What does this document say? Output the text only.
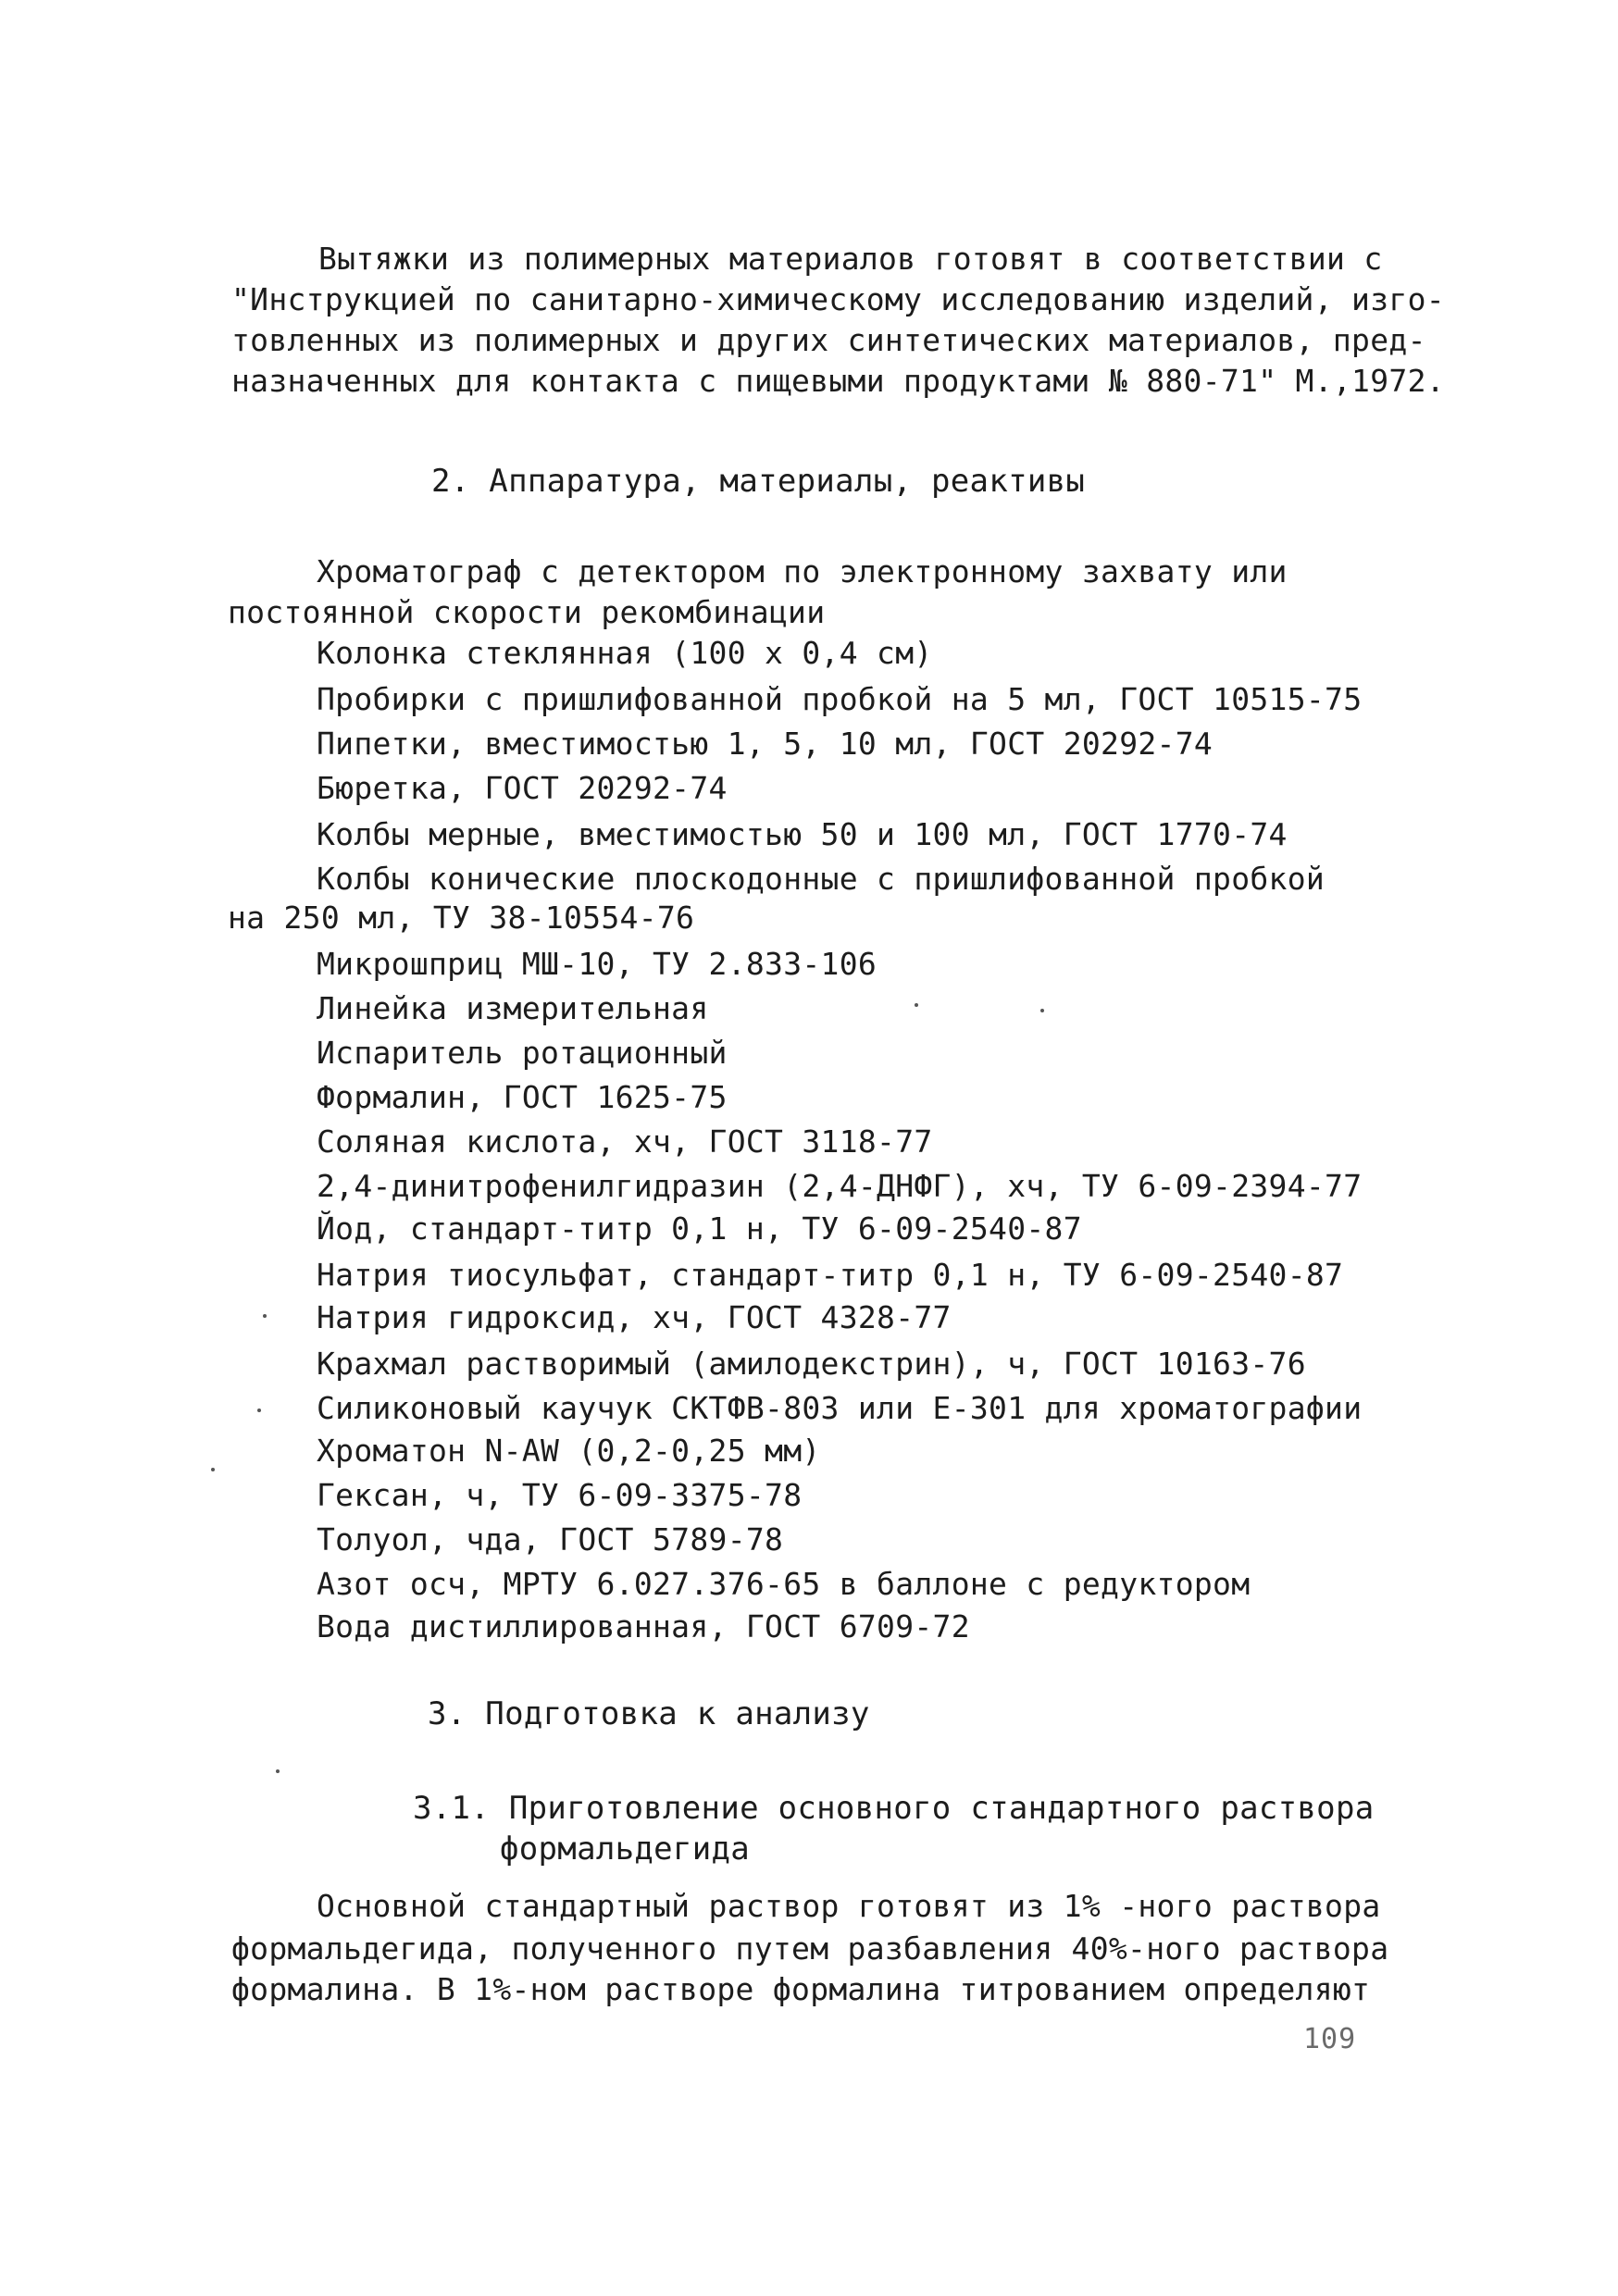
Вытяжки из полимерных материалов готовят в соответствии с
"Инструкцией по санитарно-химическому исследованию изделий, изго-
товленных из полимерных и других синтетических материалов, пред-
назначенных для контакта с пищевыми продуктами № 880-71" М.,1972.
2. Аппаратура, материалы, реактивы
Хроматограф с детектором по электронному захвату или
постоянной скорости рекомбинации
Колонка стеклянная (100 х 0,4 см)
Пробирки с пришлифованной пробкой на 5 мл, ГОСТ 10515-75
Пипетки, вместимостью 1, 5, 10 мл, ГОСТ 20292-74
Бюретка, ГОСТ 20292-74
Колбы мерные, вместимостью 50 и 100 мл, ГОСТ 1770-74
Колбы конические плоскодонные с пришлифованной пробкой
на 250 мл, ТУ 38-10554-76
Микрошприц МШ-10, ТУ 2.833-106
Линейка измерительная
Испаритель ротационный
Формалин, ГОСТ 1625-75
Соляная кислота, хч, ГОСТ 3118-77
2,4-динитрофенилгидразин (2,4-ДНФГ), хч, ТУ 6-09-2394-77
Йод, стандарт-титр 0,1 н, ТУ 6-09-2540-87
Натрия тиосульфат, стандарт-титр 0,1 н, ТУ 6-09-2540-87
Натрия гидроксид, хч, ГОСТ 4328-77
Крахмал растворимый (амилодекстрин), ч, ГОСТ 10163-76
Силиконовый каучук СКТФВ-803 или Е-301 для хроматографии
Хроматон N-AW (0,2-0,25 мм)
Гексан, ч, ТУ 6-09-3375-78
Толуол, чда, ГОСТ 5789-78
Азот осч, МРТУ 6.027.376-65 в баллоне с редуктором
Вода дистиллированная, ГОСТ 6709-72
3. Подготовка к анализу
3.1. Приготовление основного стандартного раствора
формальдегида
Основной стандартный раствор готовят из 1% -ного раствора
формальдегида, полученного путем разбавления 40%-ного раствора
формалина. В 1%-ном растворе формалина титрованием определяют
109
